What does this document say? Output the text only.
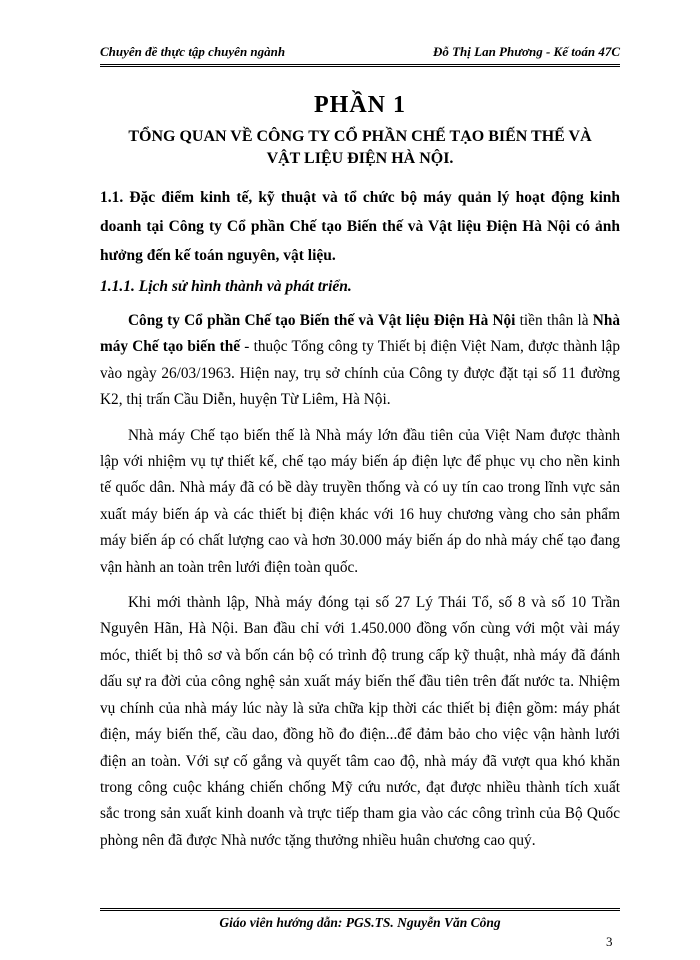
Chuyên đề thực tập chuyên ngành	Đỗ Thị Lan Phương - Kế toán 47C
PHẦN 1
TỔNG QUAN VỀ CÔNG TY CỔ PHẦN CHẾ TẠO BIẾN THẾ VÀ
VẬT LIỆU ĐIỆN HÀ NỘI.
1.1. Đặc điểm kinh tế, kỹ thuật và tổ chức bộ máy quản lý hoạt động kinh doanh tại Công ty Cổ phần Chế tạo Biến thế và Vật liệu Điện Hà Nội có ảnh hưởng đến kế toán nguyên, vật liệu.
1.1.1. Lịch sử hình thành và phát triển.

Công ty Cổ phần Chế tạo Biến thế và Vật liệu Điện Hà Nội tiền thân là Nhà máy Chế tạo biến thế - thuộc Tổng công ty Thiết bị điện Việt Nam, được thành lập vào ngày 26/03/1963. Hiện nay, trụ sở chính của Công ty được đặt tại số 11 đường K2, thị trấn Cầu Diễn, huyện Từ Liêm, Hà Nội.

Nhà máy Chế tạo biến thế là Nhà máy lớn đầu tiên của Việt Nam được thành lập với nhiệm vụ tự thiết kế, chế tạo máy biến áp điện lực để phục vụ cho nền kinh tế quốc dân. Nhà máy đã có bề dày truyền thống và có uy tín cao trong lĩnh vực sản xuất máy biến áp và các thiết bị điện khác với 16 huy chương vàng cho sản phẩm máy biến áp có chất lượng cao và hơn 30.000 máy biến áp do nhà máy chế tạo đang vận hành an toàn trên lưới điện toàn quốc.

Khi mới thành lập, Nhà máy đóng tại số 27 Lý Thái Tổ, số 8 và số 10 Trần Nguyên Hãn, Hà Nội. Ban đầu chỉ với 1.450.000 đồng vốn cùng với một vài máy móc, thiết bị thô sơ và bốn cán bộ có trình độ trung cấp kỹ thuật, nhà máy đã đánh dấu sự ra đời của công nghệ sản xuất máy biến thế đầu tiên trên đất nước ta. Nhiệm vụ chính của nhà máy lúc này là sửa chữa kịp thời các thiết bị điện gồm: máy phát điện, máy biến thế, cầu dao, đồng hồ đo điện...để đảm bảo cho việc vận hành lưới điện an toàn. Với sự cố gắng và quyết tâm cao độ, nhà máy đã vượt qua khó khăn trong công cuộc kháng chiến chống Mỹ cứu nước, đạt được nhiều thành tích xuất sắc trong sản xuất kinh doanh và trực tiếp tham gia vào các công trình của Bộ Quốc phòng nên đã được Nhà nước tặng thưởng nhiều huân chương cao quý.

Giáo viên hướng dẫn: PGS.TS. Nguyễn Văn Công
3
